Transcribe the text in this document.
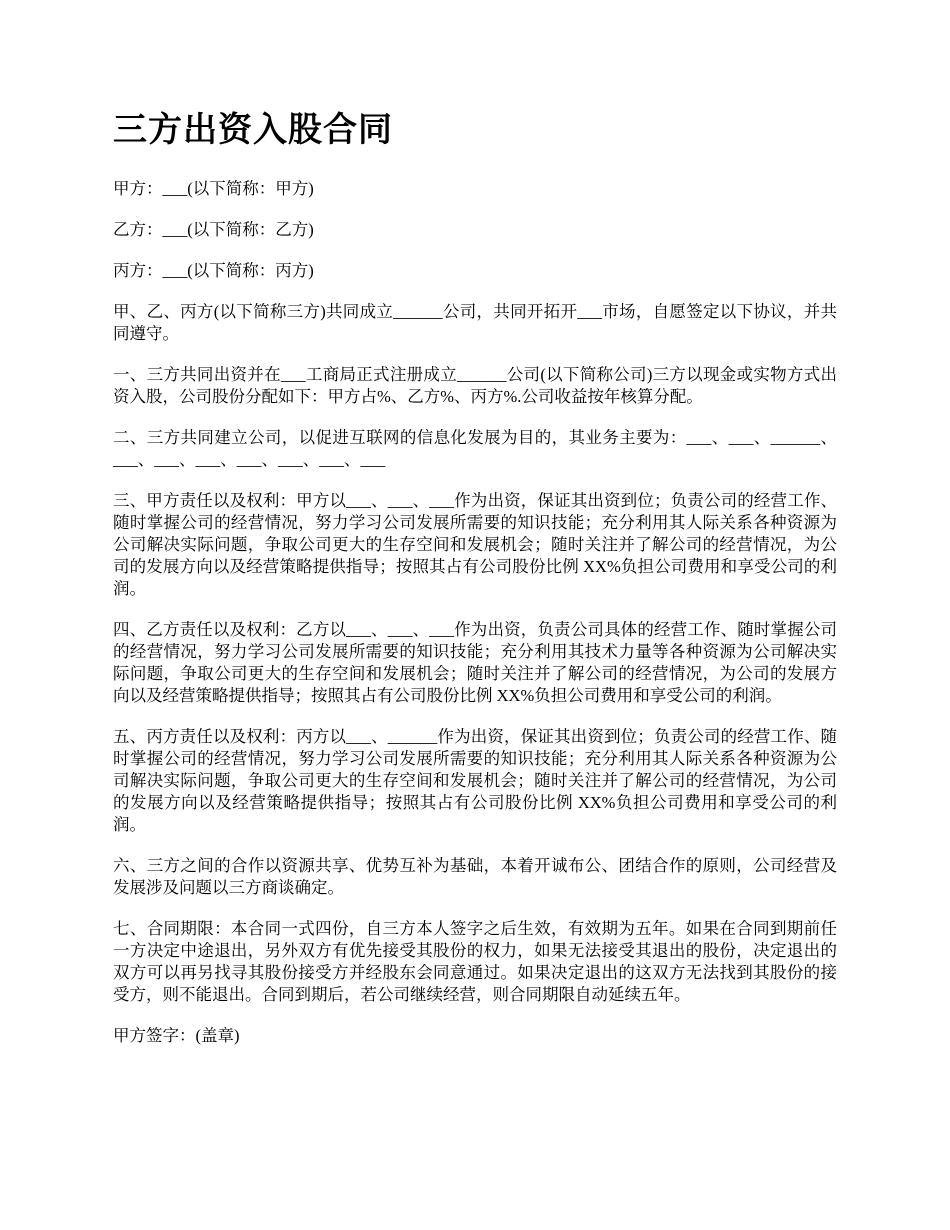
三方出资入股合同

甲方：___(以下简称：甲方)

乙方：___(以下简称：乙方)

丙方：___(以下简称：丙方)

甲、乙、丙方(以下简称三方)共同成立______公司，共同开拓开___市场，自愿签定以下协议，并共同遵守。

一、三方共同出资并在___工商局正式注册成立______公司(以下简称公司)三方以现金或实物方式出资入股，公司股份分配如下：甲方占%、乙方%、丙方%.公司收益按年核算分配。

二、三方共同建立公司，以促进互联网的信息化发展为目的，其业务主要为：___、___、______、___、___、___、___、___、___、___

三、甲方责任以及权利：甲方以___、___、___作为出资，保证其出资到位；负责公司的经营工作、随时掌握公司的经营情况，努力学习公司发展所需要的知识技能；充分利用其人际关系各种资源为公司解决实际问题，争取公司更大的生存空间和发展机会；随时关注并了解公司的经营情况，为公司的发展方向以及经营策略提供指导；按照其占有公司股份比例 XX%负担公司费用和享受公司的利润。

四、乙方责任以及权利：乙方以___、___、___作为出资，负责公司具体的经营工作、随时掌握公司的经营情况，努力学习公司发展所需要的知识技能；充分利用其技术力量等各种资源为公司解决实际问题，争取公司更大的生存空间和发展机会；随时关注并了解公司的经营情况，为公司的发展方向以及经营策略提供指导；按照其占有公司股份比例 XX%负担公司费用和享受公司的利润。

五、丙方责任以及权利：丙方以___、______作为出资，保证其出资到位；负责公司的经营工作、随时掌握公司的经营情况，努力学习公司发展所需要的知识技能；充分利用其人际关系各种资源为公司解决实际问题，争取公司更大的生存空间和发展机会；随时关注并了解公司的经营情况，为公司的发展方向以及经营策略提供指导；按照其占有公司股份比例 XX%负担公司费用和享受公司的利润。

六、三方之间的合作以资源共享、优势互补为基础，本着开诚布公、团结合作的原则，公司经营及发展涉及问题以三方商谈确定。

七、合同期限：本合同一式四份，自三方本人签字之后生效，有效期为五年。如果在合同到期前任一方决定中途退出，另外双方有优先接受其股份的权力，如果无法接受其退出的股份，决定退出的双方可以再另找寻其股份接受方并经股东会同意通过。如果决定退出的这双方无法找到其股份的接受方，则不能退出。合同到期后，若公司继续经营，则合同期限自动延续五年。

甲方签字：(盖章)
